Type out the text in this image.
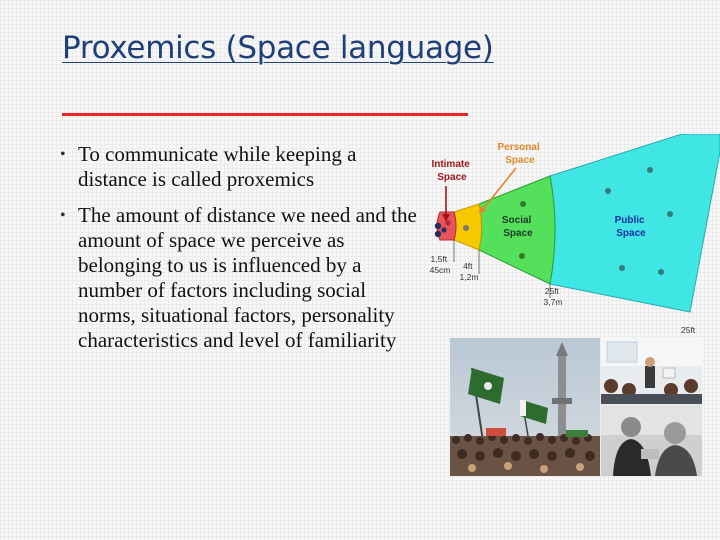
Proxemics (Space language)
• To communicate while keeping a distance is called proxemics
• The amount of distance we need and the amount of space we perceive as belonging to us is influenced by a number of factors including social norms, situational factors, personality characteristics and level of familiarity
Intimate Space
Personal Space
Social Space
Public Space
1,5ft 45cm	4ft 1,2m
25ft 3,7m
25ft
